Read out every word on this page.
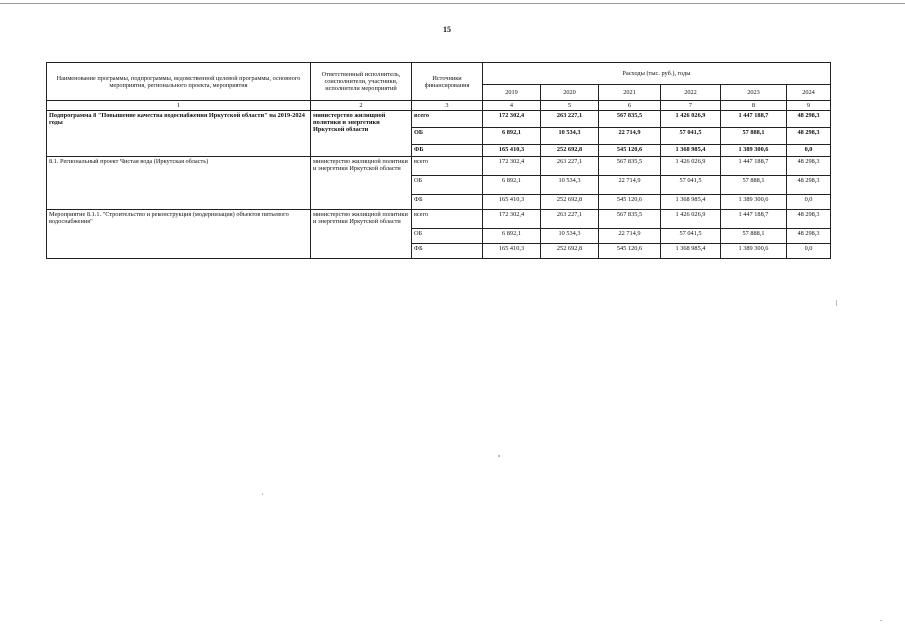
15
Наименование программы, подпрограммы, ведомственной целевой программы, основного мероприятия, регионального проекта, мероприятия	Ответственный исполнитель, соисполнители, участники, исполнители мероприятий	Источники финансирования	Расходы (тыс. руб.), годы					
			2019	2020	2021	2022	2023	2024
1	2	3	4	5	6	7	8	9
Подпрограмма 8 "Повышение качества водоснабжения Иркутской области" на 2019-2024 годы	министерство жилищной политики и энергетики Иркутской области	всего	172 302,4	263 227,1	567 835,5	1 426 026,9	1 447 188,7	48 298,3
		ОБ	6 892,1	10 534,3	22 714,9	57 041,5	57 888,1	48 298,3
		ФБ	165 410,3	252 692,8	545 120,6	1 368 985,4	1 389 300,6	0,0
8.1. Региональный проект Чистая вода (Иркутская область)	министерство жилищной политики и энергетики Иркутской области	всего	172 302,4	263 227,1	567 835,5	1 426 026,9	1 447 188,7	48 298,3
		ОБ	6 892,1	10 534,3	22 714,9	57 041,5	57 888,1	48 298,3
		ФБ	165 410,3	252 692,8	545 120,6	1 368 985,4	1 389 300,6	0,0
Мероприятие 8.1.1. "Строительство и реконструкция (модернизация) объектов питьевого водоснабжения"	министерство жилищной политики и энергетики Иркутской области	всего	172 302,4	263 227,1	567 835,5	1 426 026,9	1 447 188,7	48 298,3
		ОБ	6 892,1	10 534,3	22 714,9	57 041,5	57 888,1	48 298,3
		ФБ	165 410,3	252 692,8	545 120,6	1 368 985,4	1 389 300,6	0,0
